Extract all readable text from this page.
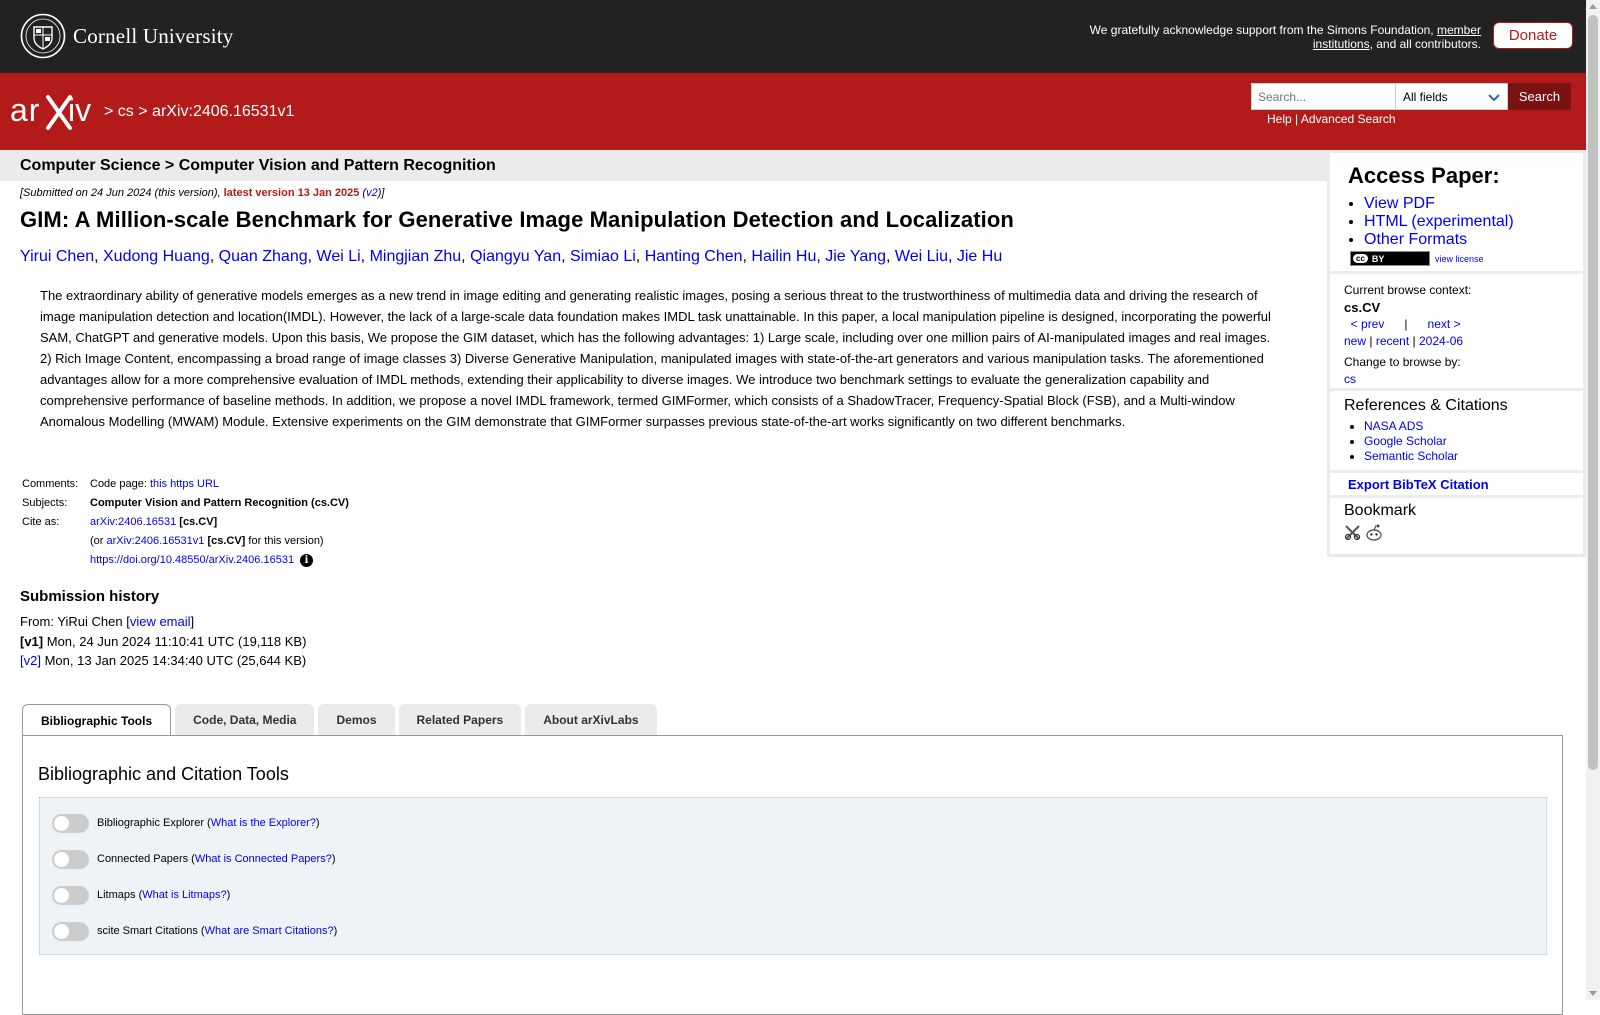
Cornell University	We gratefully acknowledge support from the Simons Foundation, member institutions, and all contributors.	Donate
ar iv > cs > arXiv:2406.16531v1
Search...
All fields	Search
Help | Advanced Search
Computer Science > Computer Vision and Pattern Recognition
[Submitted on 24 Jun 2024 (this version), latest version 13 Jan 2025 (v2)]
GIM: A Million-scale Benchmark for Generative Image Manipulation Detection and Localization
Yirui Chen, Xudong Huang, Quan Zhang, Wei Li, Mingjian Zhu, Qiangyu Yan, Simiao Li, Hanting Chen, Hailin Hu, Jie Yang, Wei Liu, Jie Hu
The extraordinary ability of generative models emerges as a new trend in image editing and generating realistic images, posing a serious threat to the trustworthiness of multimedia data and driving the research of image manipulation detection and location(IMDL). However, the lack of a large-scale data foundation makes IMDL task unattainable. In this paper, a local manipulation pipeline is designed, incorporating the powerful SAM, ChatGPT and generative models. Upon this basis, We propose the GIM dataset, which has the following advantages: 1) Large scale, including over one million pairs of AI-manipulated images and real images. 2) Rich Image Content, encompassing a broad range of image classes 3) Diverse Generative Manipulation, manipulated images with state-of-the-art generators and various manipulation tasks. The aforementioned advantages allow for a more comprehensive evaluation of IMDL methods, extending their applicability to diverse images. We introduce two benchmark settings to evaluate the generalization capability and comprehensive performance of baseline methods. In addition, we propose a novel IMDL framework, termed GIMFormer, which consists of a ShadowTracer, Frequency-Spatial Block (FSB), and a Multi-window Anomalous Modelling (MWAM) Module. Extensive experiments on the GIM demonstrate that GIMFormer surpasses previous state-of-the-art works significantly on two different benchmarks.
Comments:	Code page: this https URL
Subjects:	Computer Vision and Pattern Recognition (cs.CV)
Cite as:	arXiv:2406.16531 [cs.CV]
	(or arXiv:2406.16531v1 [cs.CV] for this version)
	https://doi.org/10.48550/arXiv.2406.16531 i
Submission history
From: YiRui Chen [view email]
[v1] Mon, 24 Jun 2024 11:10:41 UTC (19,118 KB)
[v2] Mon, 13 Jan 2025 14:34:40 UTC (25,644 KB)
Access Paper:
• View PDF
• HTML (experimental)
• Other Formats
cc BY	view license
Current browse context:
cs.CV
< prev | next >
new | recent | 2024-06
Change to browse by:
cs
References & Citations
• NASA ADS
• Google Scholar
• Semantic Scholar
Export BibTeX Citation
Bookmark
Bibliographic Tools	Code, Data, Media	Demos	Related Papers	About arXivLabs
Bibliographic and Citation Tools
Bibliographic Explorer ( What is the Explorer? )
Connected Papers ( What is Connected Papers? )
Litmaps ( What is Litmaps? )
scite Smart Citations ( What are Smart Citations? )
